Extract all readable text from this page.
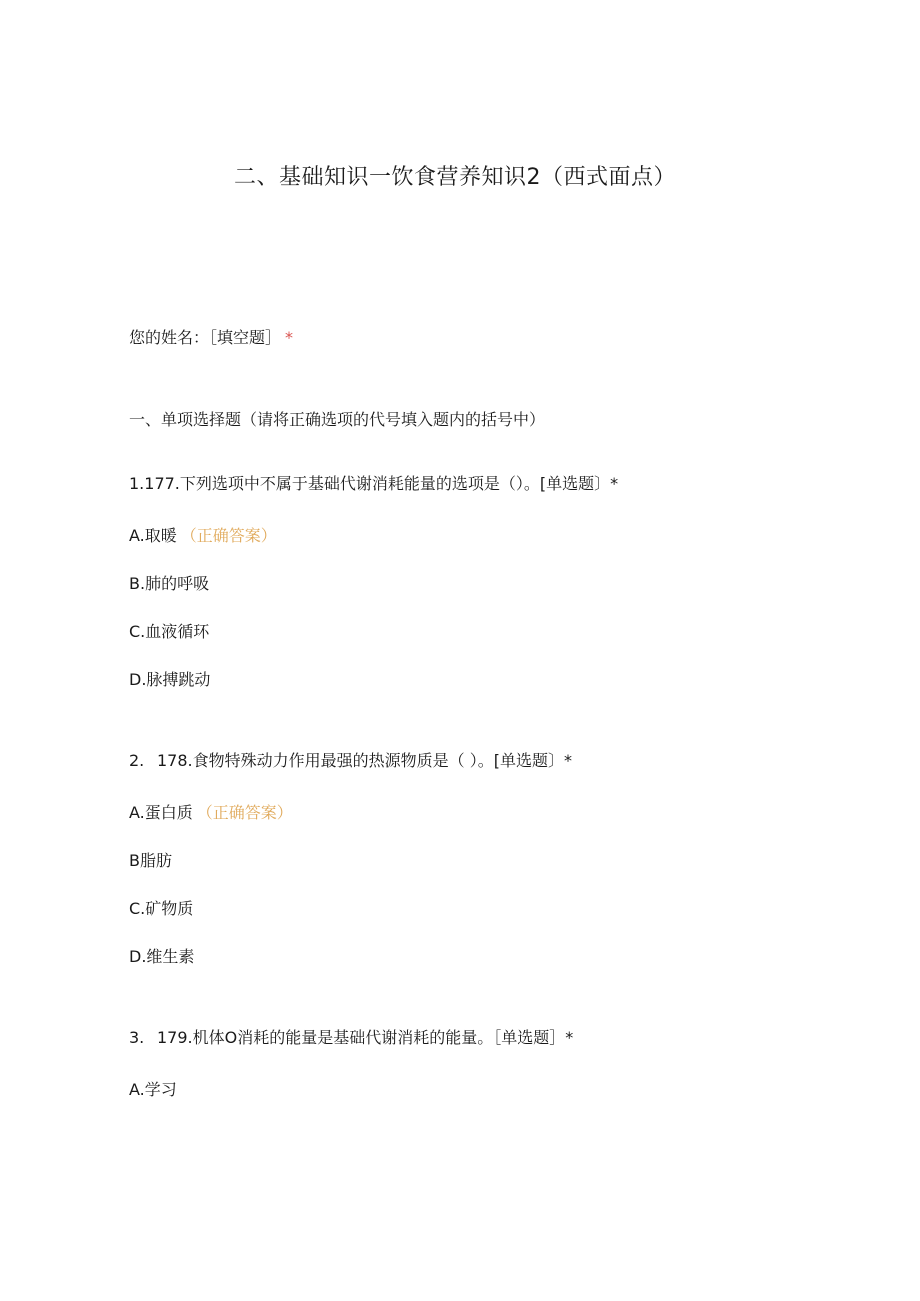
二、基础知识一饮食营养知识2（西式面点）
您的姓名：［填空题］ *
一、单项选择题（请将正确选项的代号填入题内的括号中）
1.177.下列选项中不属于基础代谢消耗能量的选项是（）。[单选题〕*
A.取暖 （正确答案）
B.肺的呼吸
C.血液循环
D.脉搏跳动
2. 178.食物特殊动力作用最强的热源物质是（ ）。[单选题〕*
A.蛋白质 （正确答案）
B脂肪
C.矿物质
D.维生素
3. 179.机体O消耗的能量是基础代谢消耗的能量。［单选题］*
A.学习
